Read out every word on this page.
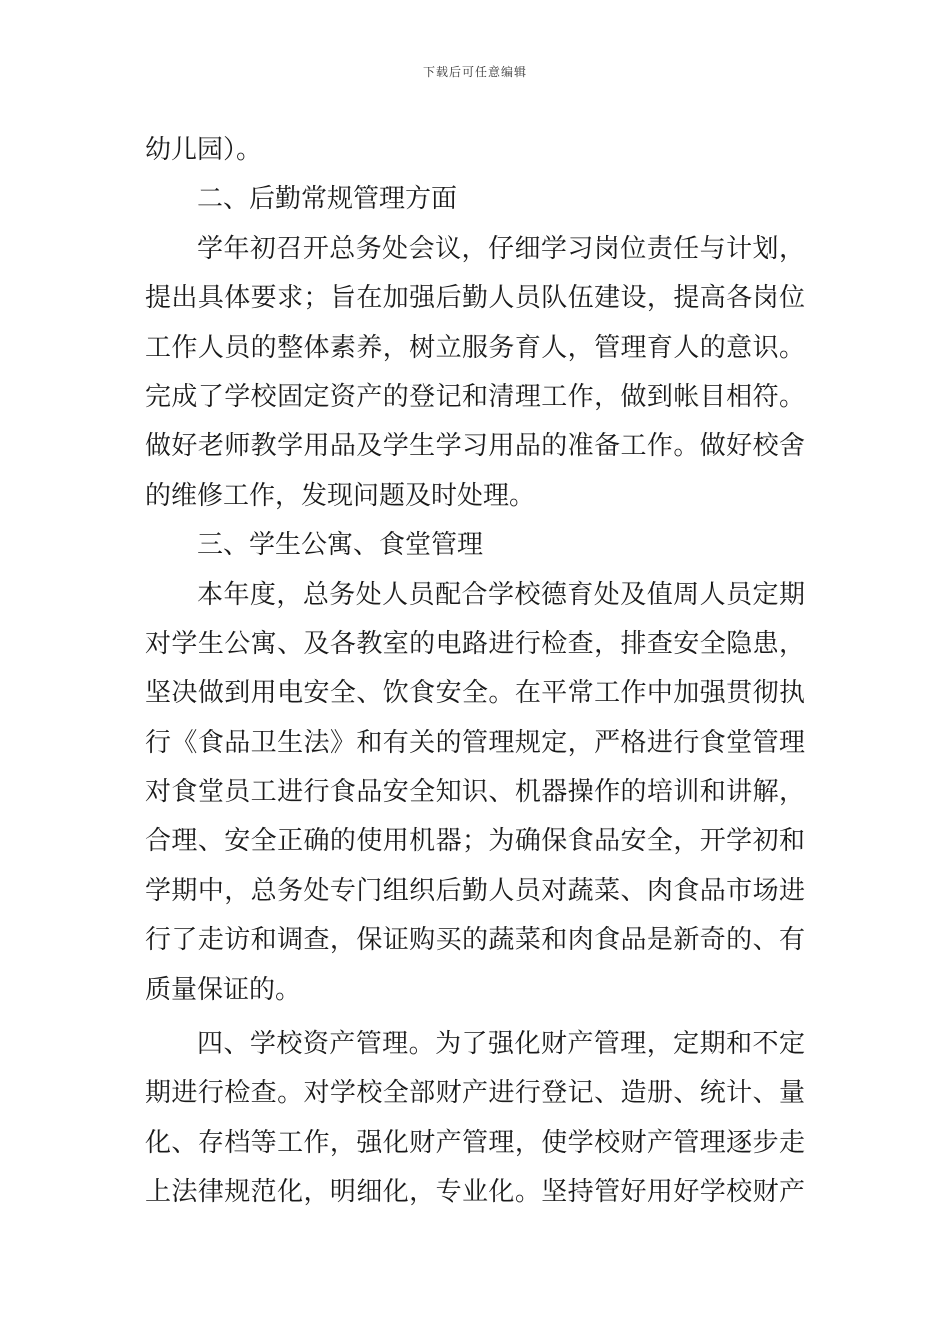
下载后可任意编辑
幼儿园）。
二、后勤常规管理方面
学年初召开总务处会议，仔细学习岗位责任与计划，
提出具体要求；旨在加强后勤人员队伍建设，提高各岗位
工作人员的整体素养，树立服务育人，管理育人的意识。
完成了学校固定资产的登记和清理工作，做到帐目相符。
做好老师教学用品及学生学习用品的准备工作。做好校舍
的维修工作，发现问题及时处理。
三、学生公寓、食堂管理
本年度，总务处人员配合学校德育处及值周人员定期
对学生公寓、及各教室的电路进行检查，排查安全隐患，
坚决做到用电安全、饮食安全。在平常工作中加强贯彻执
行《食品卫生法》和有关的管理规定，严格进行食堂管理
对食堂员工进行食品安全知识、机器操作的培训和讲解，
合理、安全正确的使用机器；为确保食品安全，开学初和
学期中，总务处专门组织后勤人员对蔬菜、肉食品市场进
行了走访和调查，保证购买的蔬菜和肉食品是新奇的、有
质量保证的。
四、学校资产管理。为了强化财产管理，定期和不定
期进行检查。对学校全部财产进行登记、造册、统计、量
化、存档等工作，强化财产管理，使学校财产管理逐步走
上法律规范化，明细化，专业化。坚持管好用好学校财产
